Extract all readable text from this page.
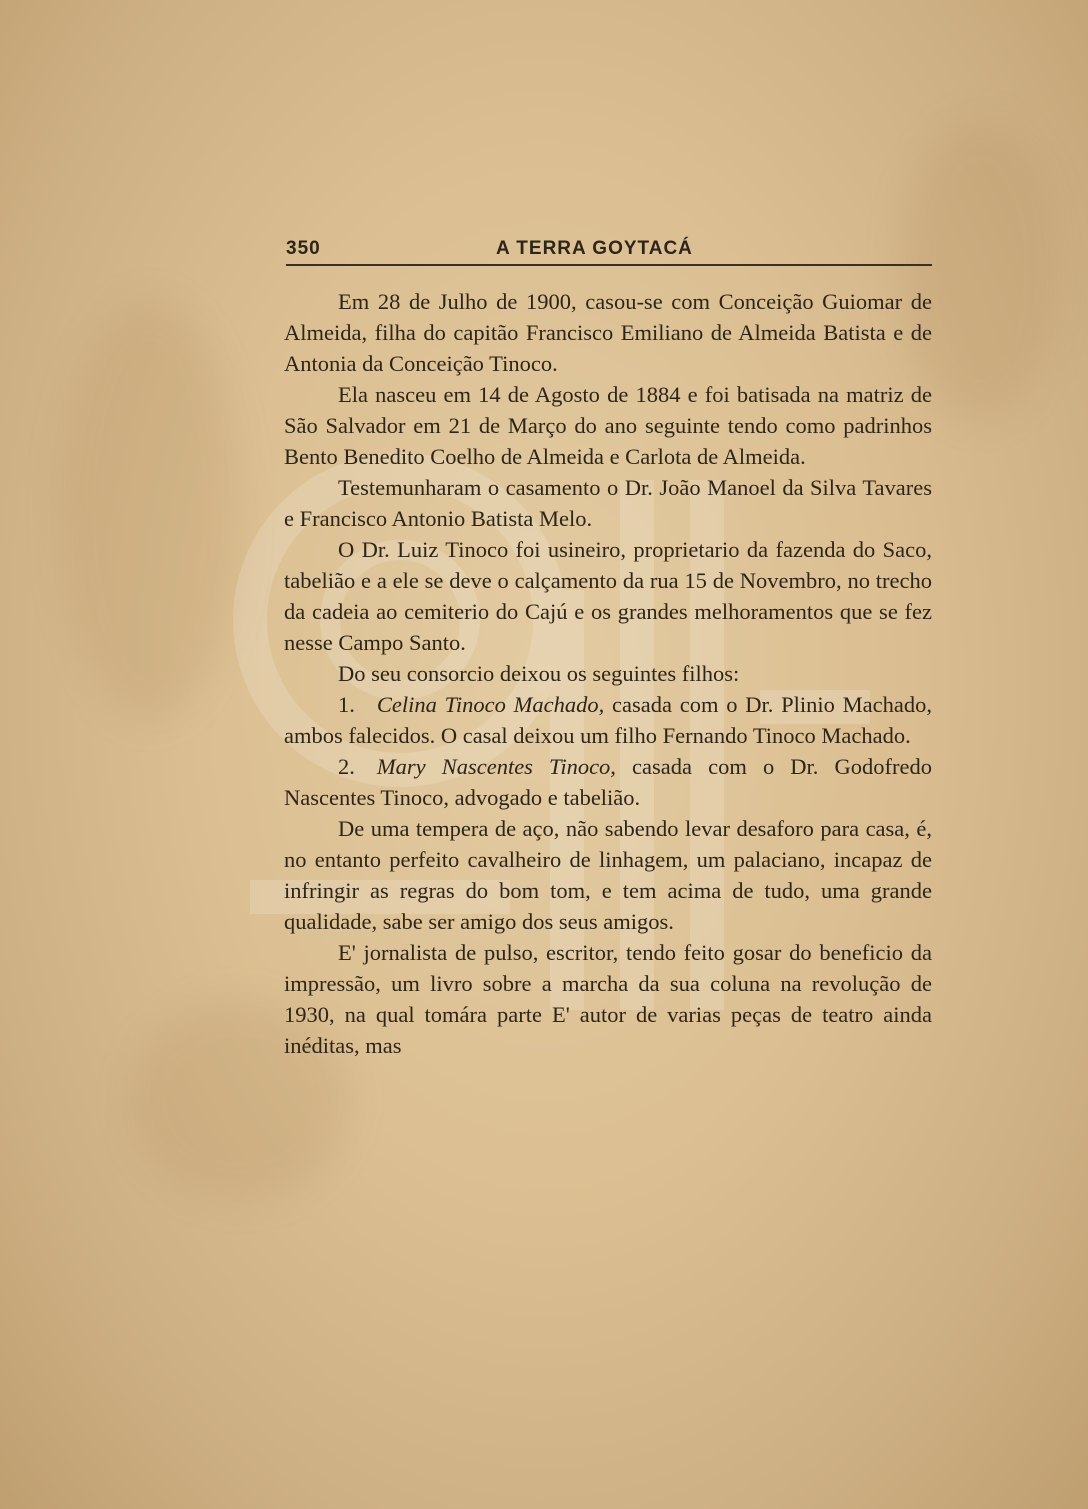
350	A TERRA GOYTACÁ

Em 28 de Julho de 1900, casou-se com Conceição Guiomar de Almeida, filha do capitão Francisco Emiliano de Almeida Batista e de Antonia da Conceição Tinoco.

Ela nasceu em 14 de Agosto de 1884 e foi batisada na matriz de São Salvador em 21 de Março do ano seguinte tendo como padrinhos Bento Benedito Coelho de Almeida e Carlota de Almeida.

Testemunharam o casamento o Dr. João Manoel da Silva Tavares e Francisco Antonio Batista Melo.

O Dr. Luiz Tinoco foi usineiro, proprietario da fazenda do Saco, tabelião e a ele se deve o calçamento da rua 15 de Novembro, no trecho da cadeia ao cemiterio do Cajú e os grandes melhoramentos que se fez nesse Campo Santo.

Do seu consorcio deixou os seguintes filhos:

1. Celina Tinoco Machado, casada com o Dr. Plinio Machado, ambos falecidos. O casal deixou um filho Fernando Tinoco Machado.

2. Mary Nascentes Tinoco, casada com o Dr. Godofredo Nascentes Tinoco, advogado e tabelião.

De uma tempera de aço, não sabendo levar desaforo para casa, é, no entanto perfeito cavalheiro de linhagem, um palaciano, incapaz de infringir as regras do bom tom, e tem acima de tudo, uma grande qualidade, sabe ser amigo dos seus amigos.

E' jornalista de pulso, escritor, tendo feito gosar do beneficio da impressão, um livro sobre a marcha da sua coluna na revolução de 1930, na qual tomára parte E' autor de varias peças de teatro ainda inéditas, mas
